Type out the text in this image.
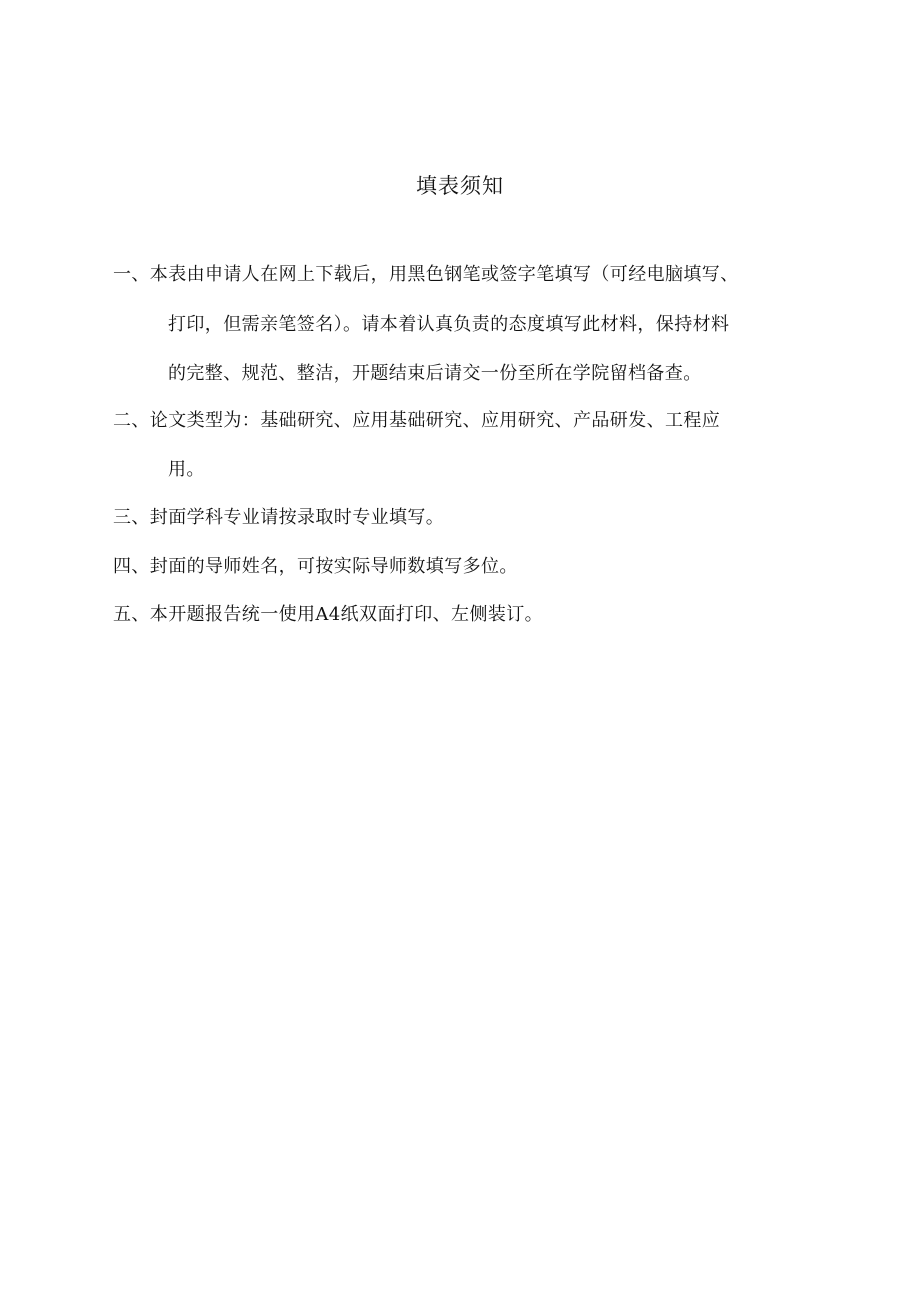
填表须知
一、本表由申请人在网上下载后，用黑色钢笔或签字笔填写（可经电脑填写、
打印，但需亲笔签名）。请本着认真负责的态度填写此材料，保持材料
的完整、规范、整洁，开题结束后请交一份至所在学院留档备查。
二、论文类型为：基础研究、应用基础研究、应用研究、产品研发、工程应
用。
三、封面学科专业请按录取时专业填写。
四、封面的导师姓名，可按实际导师数填写多位。
五、本开题报告统一使用A4纸双面打印、左侧装订。
